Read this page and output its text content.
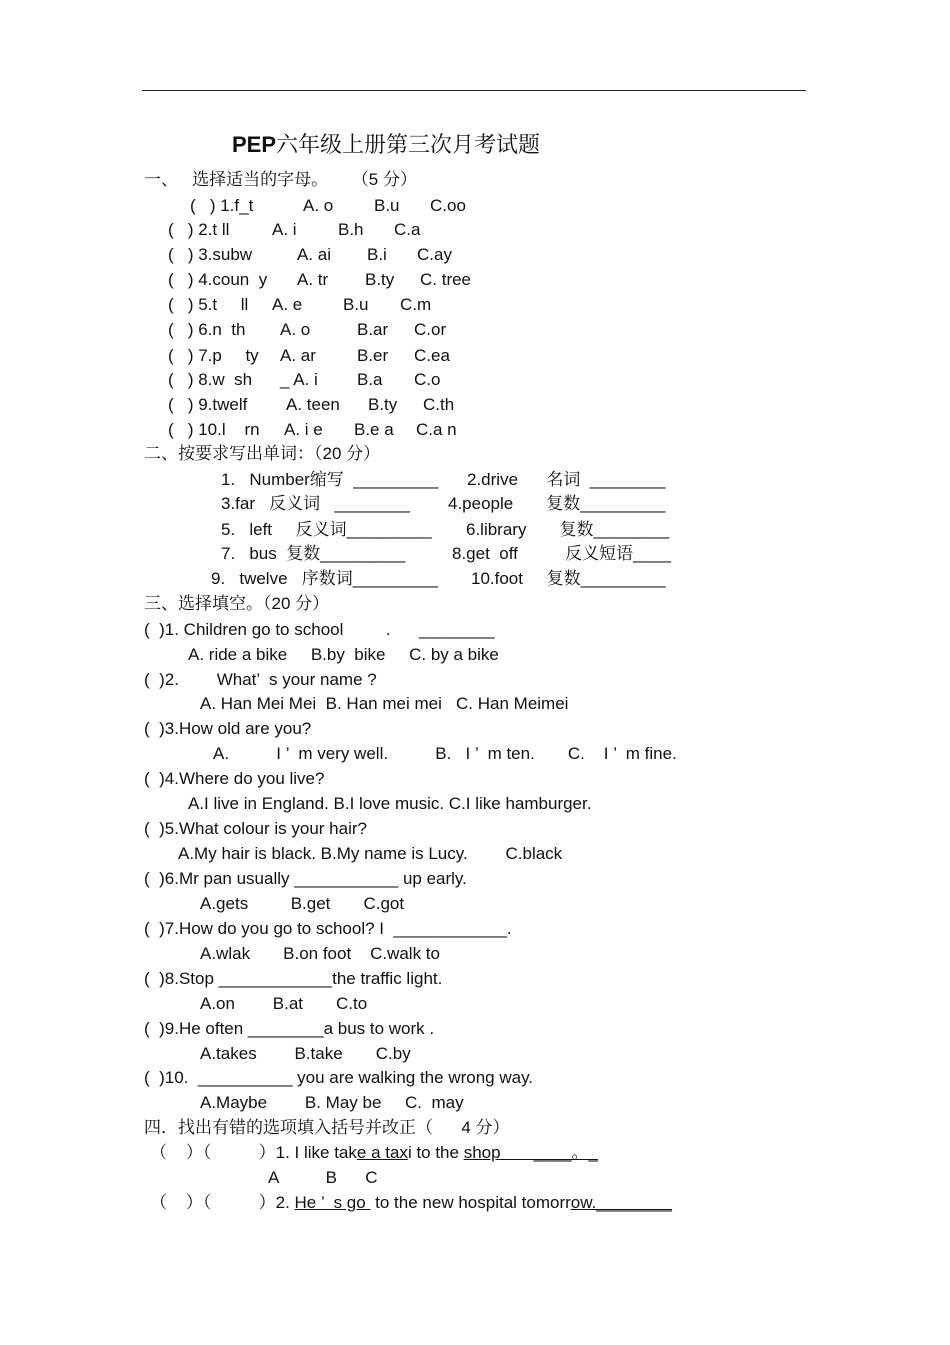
PEP六年级上册第三次月考试题
一、   选择适当的字母。     （5 分）
(   ) 1.f_t	A. o B.u C.oo
(   ) 2.t ll	A. i B.h C.a
(   ) 3.subw	A. ai B.i C.ay
(   ) 4.coun  y A. tr B.ty C. tree
(   ) 5.t     ll A. e B.u C.m
(   ) 6.n  th A. o	B.ar C.or
(   ) 7.p     ty A. ar B.er C.ea
(   ) 8.w  sh _ A. i B.a C.o
(   ) 9.twelf A. teen B.ty C.th
(   ) 10.l    rn A. i e B.e a C.a n
二、按要求写出单词：（20 分）
1.   Number缩写  _________ 2.drive      名词  ________
3.far   反义词   ________ 4.people       复数_________
5.   left     反义词_________ 6.library       复数________
7.   bus  复数_________	8.get  off          反义短语____
9.   twelve   序数词_________ 10.foot     复数_________
三、选择填空。（20 分）
(  )1. Children go to school         .      ________
A. ride a bike     B.by  bike     C. by a bike
(  )2.        What’  s your name ?
A. Han Mei Mei  B. Han mei mei   C. Han Meimei
(  )3.How old are you?
A.          I ’  m very well.          B.   I ’  m ten.       C.    I ’  m fine.
(  )4.Where do you live?
A.I live in England. B.I love music. C.I like hamburger.
(  )5.What colour is your hair?
A.My hair is black. B.My name is Lucy.        C.black
(  )6.Mr pan usually ___________ up early.
A.gets         B.get       C.got
(  )7.How do you go to school? I  ____________.
A.wlak       B.on foot    C.walk to
(  )8.Stop ____________the traffic light.
A.on        B.at       C.to
(  )9.He often ________a bus to work .
A.takes        B.take       C.by
(  )10.  __________ you are walking the wrong way.
A.Maybe        B. May be     C.  may
四．找出有错的选项填入括号并改正（      4 分）
（    ）（          ）1. I like take a taxi to the shop       ____。_
A          B      C
（    ）（          ）2. He ’  s go  to the new hospital tomorrow.________
